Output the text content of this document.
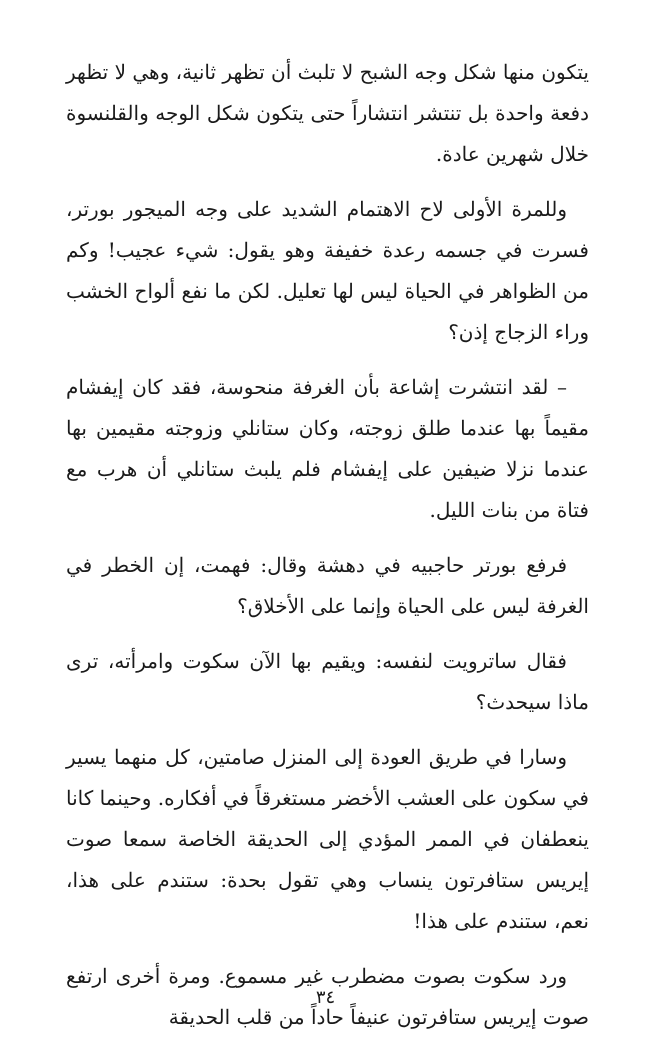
يتكون منها شكل وجه الشبح لا تلبث أن تظهر ثانية، وهي لا تظهر دفعة واحدة بل تنتشر انتشاراً حتى يتكون شكل الوجه والقلنسوة خلال شهرين عادة.

وللمرة الأولى لاح الاهتمام الشديد على وجه الميجور بورتر، فسرت في جسمه رعدة خفيفة وهو يقول: شيء عجيب! وكم من الظواهر في الحياة ليس لها تعليل. لكن ما نفع ألواح الخشب وراء الزجاج إذن؟

– لقد انتشرت إشاعة بأن الغرفة منحوسة، فقد كان إيفشام مقيماً بها عندما طلق زوجته، وكان ستانلي وزوجته مقيمين بها عندما نزلا ضيفين على إيفشام فلم يلبث ستانلي أن هرب مع فتاة من بنات الليل.

فرفع بورتر حاجبيه في دهشة وقال: فهمت، إن الخطر في الغرفة ليس على الحياة وإنما على الأخلاق؟

فقال ساترويت لنفسه: ويقيم بها الآن سكوت وامرأته، ترى ماذا سيحدث؟

وسارا في طريق العودة إلى المنزل صامتين، كل منهما يسير في سكون على العشب الأخضر مستغرقاً في أفكاره. وحينما كانا ينعطفان في الممر المؤدي إلى الحديقة الخاصة سمعا صوت إيريس ستافرتون ينساب وهي تقول بحدة: ستندم على هذا، نعم، ستندم على هذا!

ورد سكوت بصوت مضطرب غير مسموع. ومرة أخرى ارتفع صوت إيريس ستافرتون عنيفاً حاداً من قلب الحديقة

٣٤
